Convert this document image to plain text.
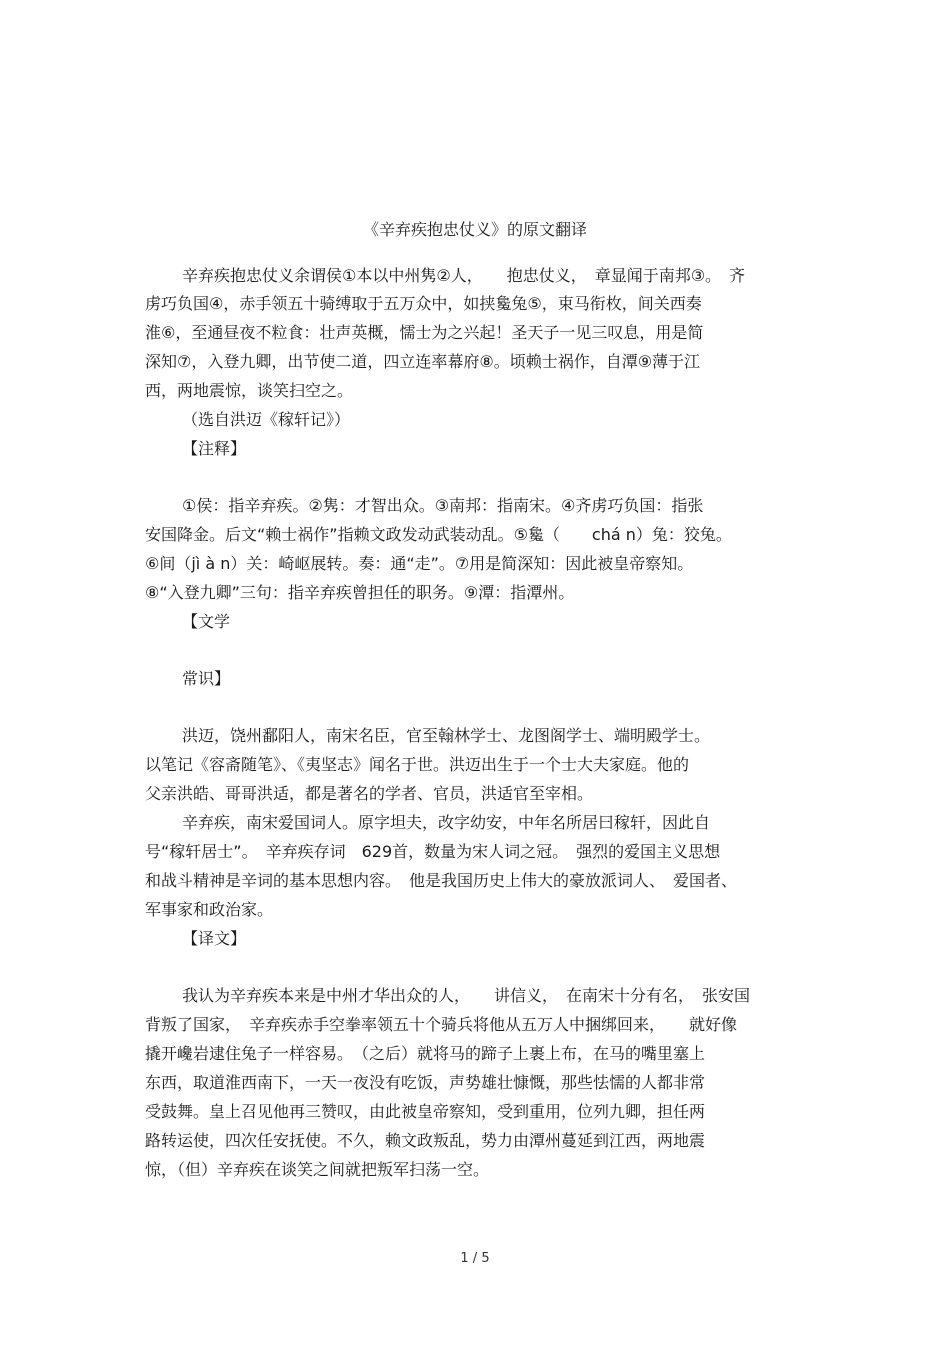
《辛弃疾抱忠仗义》的原文翻译
辛弃疾抱忠仗义余谓侯①本以中州隽②人，　　抱忠仗义，　章显闻于南邦③。　齐
虏巧负国④，赤手领五十骑缚取于五万众中，如挟毚兔⑤，束马衔枚，间关西奏
淮⑥，至通昼夜不粒食：壮声英概，懦士为之兴起！圣天子一见三叹息，用是简
深知⑦，入登九卿，出节使二道，四立连率幕府⑧。顷赖士祸作，自潭⑨薄于江
西，两地震惊，谈笑扫空之。
（选自洪迈《稼轩记》）
【注释】
①侯：指辛弃疾。②隽：才智出众。③南邦：指南宋。④齐虏巧负国：指张
安国降金。后文“赖士祸作”指赖文政发动武装动乱。⑤毚（　　chá n）兔：狡兔。
⑥间（jì à n）关：崎岖展转。奏：通“走”。⑦用是简深知：因此被皇帝察知。
⑧“入登九卿”三句：指辛弃疾曾担任的职务。⑨潭：指潭州。
【文学
常识】
洪迈，饶州鄱阳人，南宋名臣，官至翰林学士、龙图阁学士、端明殿学士。
以笔记《容斋随笔》、《夷坚志》闻名于世。洪迈出生于一个士大夫家庭。他的
父亲洪皓、哥哥洪适，都是著名的学者、官员，洪适官至宰相。
辛弃疾，南宋爱国词人。原字坦夫，改字幼安，中年名所居曰稼轩，因此自
号“稼轩居士”。　辛弃疾存词　629首，数量为宋人词之冠。　强烈的爱国主义思想
和战斗精神是辛词的基本思想内容。　他是我国历史上伟大的豪放派词人、　爱国者、
军事家和政治家。
【译文】
我认为辛弃疾本来是中州才华出众的人，　　讲信义，　在南宋十分有名，　张安国
背叛了国家，　辛弃疾赤手空拳率领五十个骑兵将他从五万人中捆绑回来，　　就好像
撬开巉岩逮住兔子一样容易。　（之后）就将马的蹄子上裹上布，在马的嘴里塞上
东西，取道淮西南下，一天一夜没有吃饭，声势雄壮慷慨，那些怯懦的人都非常
受鼓舞。皇上召见他再三赞叹，由此被皇帝察知，受到重用，位列九卿，担任两
路转运使，四次任安抚使。不久，赖文政叛乱，势力由潭州蔓延到江西，两地震
惊，（但）辛弃疾在谈笑之间就把叛军扫荡一空。
1 / 5
